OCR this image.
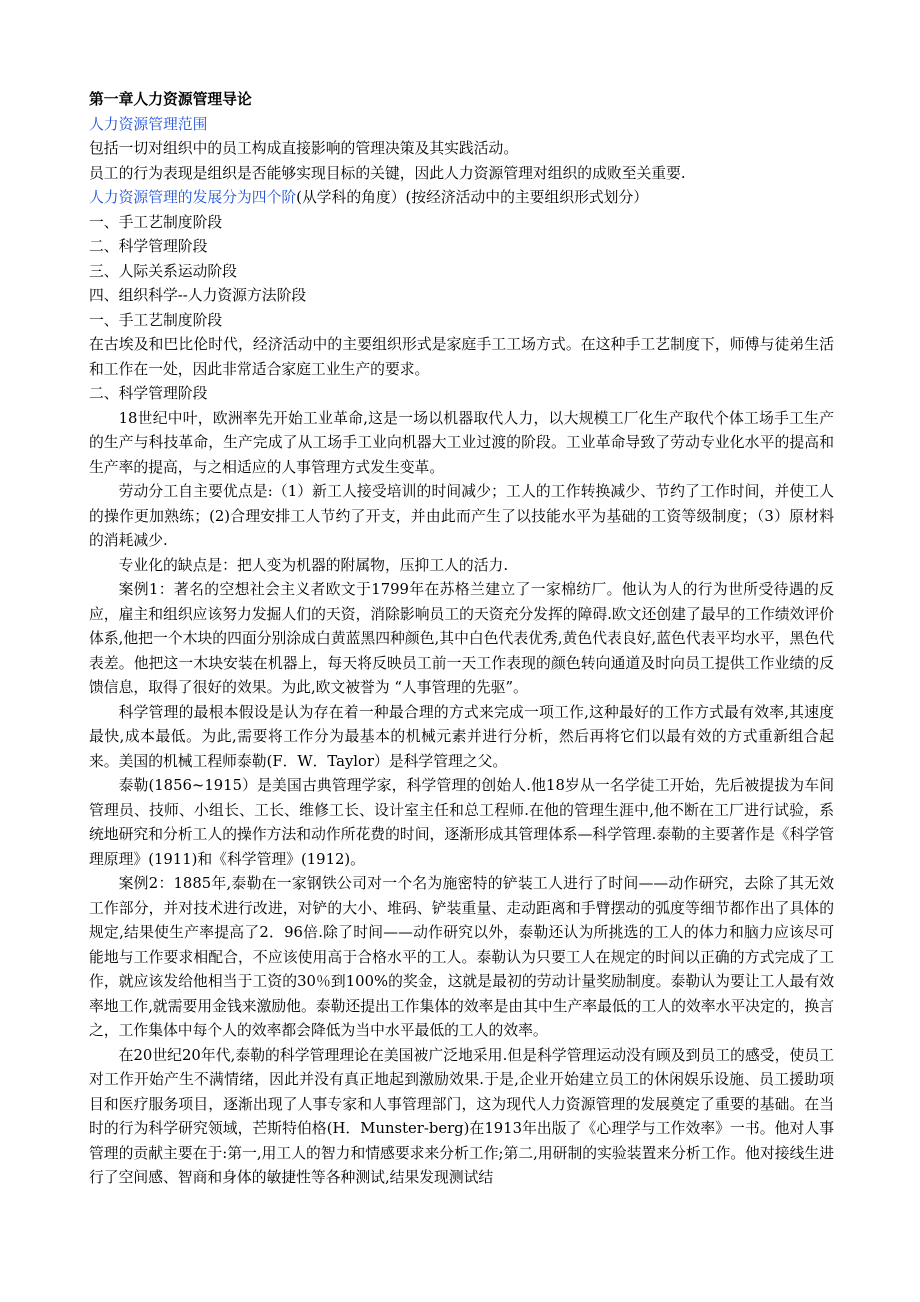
第一章人力资源管理导论

人力资源管理范围

包括一切对组织中的员工构成直接影响的管理决策及其实践活动。

员工的行为表现是组织是否能够实现目标的关键，因此人力资源管理对组织的成败至关重要.

人力资源管理的发展分为四个阶(从学科的角度）(按经济活动中的主要组织形式划分）

一、手工艺制度阶段

二、科学管理阶段

三、人际关系运动阶段

四、组织科学--人力资源方法阶段

一、手工艺制度阶段

在古埃及和巴比伦时代，经济活动中的主要组织形式是家庭手工工场方式。在这种手工艺制度下，师傅与徒弟生活和工作在一处，因此非常适合家庭工业生产的要求。

二、科学管理阶段

18世纪中叶，欧洲率先开始工业革命,这是一场以机器取代人力，以大规模工厂化生产取代个体工场手工生产的生产与科技革命，生产完成了从工场手工业向机器大工业过渡的阶段。工业革命导致了劳动专业化水平的提高和生产率的提高，与之相适应的人事管理方式发生变革。

劳动分工自主要优点是:（1）新工人接受培训的时间减少；工人的工作转换减少、节约了工作时间，并使工人的操作更加熟练；(2)合理安排工人节约了开支，并由此而产生了以技能水平为基础的工资等级制度；（3）原材料的消耗减少.

专业化的缺点是：把人变为机器的附属物，压抑工人的活力.

案例1：著名的空想社会主义者欧文于1799年在苏格兰建立了一家棉纺厂。他认为人的行为世所受待遇的反应，雇主和组织应该努力发掘人们的天资，消除影响员工的天资充分发挥的障碍.欧文还创建了最早的工作绩效评价体系,他把一个木块的四面分别涂成白黄蓝黑四种颜色,其中白色代表优秀,黄色代表良好,蓝色代表平均水平，黑色代表差。他把这一木块安装在机器上，每天将反映员工前一天工作表现的颜色转向通道及时向员工提供工作业绩的反馈信息，取得了很好的效果。为此,欧文被誉为 “人事管理的先驱”。

科学管理的最根本假设是认为存在着一种最合理的方式来完成一项工作,这种最好的工作方式最有效率,其速度最快,成本最低。为此,需要将工作分为最基本的机械元素并进行分析，然后再将它们以最有效的方式重新组合起来。美国的机械工程师泰勒(F．W．Taylor）是科学管理之父。

泰勒(1856~1915）是美国古典管理学家，科学管理的创始人.他18岁从一名学徒工开始，先后被提拔为车间管理员、技师、小组长、工长、维修工长、设计室主任和总工程师.在他的管理生涯中,他不断在工厂进行试验，系统地研究和分析工人的操作方法和动作所花费的时间，逐渐形成其管理体系—科学管理.泰勒的主要著作是《科学管理原理》(1911)和《科学管理》(1912)。

案例2：1885年,泰勒在一家钢铁公司对一个名为施密特的铲装工人进行了时间——动作研究，去除了其无效工作部分，并对技术进行改进，对铲的大小、堆码、铲装重量、走动距离和手臂摆动的弧度等细节都作出了具体的规定,结果使生产率提高了2．96倍.除了时间——动作研究以外，泰勒还认为所挑选的工人的体力和脑力应该尽可能地与工作要求相配合，不应该使用高于合格水平的工人。泰勒认为只要工人在规定的时间以正确的方式完成了工作，就应该发给他相当于工资的30％到100%的奖金，这就是最初的劳动计量奖励制度。泰勒认为要让工人最有效率地工作,就需要用金钱来激励他。泰勒还提出工作集体的效率是由其中生产率最低的工人的效率水平决定的，换言之，工作集体中每个人的效率都会降低为当中水平最低的工人的效率。

在20世纪20年代,泰勒的科学管理理论在美国被广泛地采用.但是科学管理运动没有顾及到员工的感受，使员工对工作开始产生不满情绪，因此并没有真正地起到激励效果.于是,企业开始建立员工的休闲娱乐设施、员工援助项目和医疗服务项目，逐渐出现了人事专家和人事管理部门，这为现代人力资源管理的发展奠定了重要的基础。在当时的行为科学研究领域，芒斯特伯格(H．Munster-berg)在1913年出版了《心理学与工作效率》一书。他对人事管理的贡献主要在于:第一,用工人的智力和情感要求来分析工作;第二,用研制的实验装置来分析工作。他对接线生进行了空间感、智商和身体的敏捷性等各种测试,结果发现测试结
